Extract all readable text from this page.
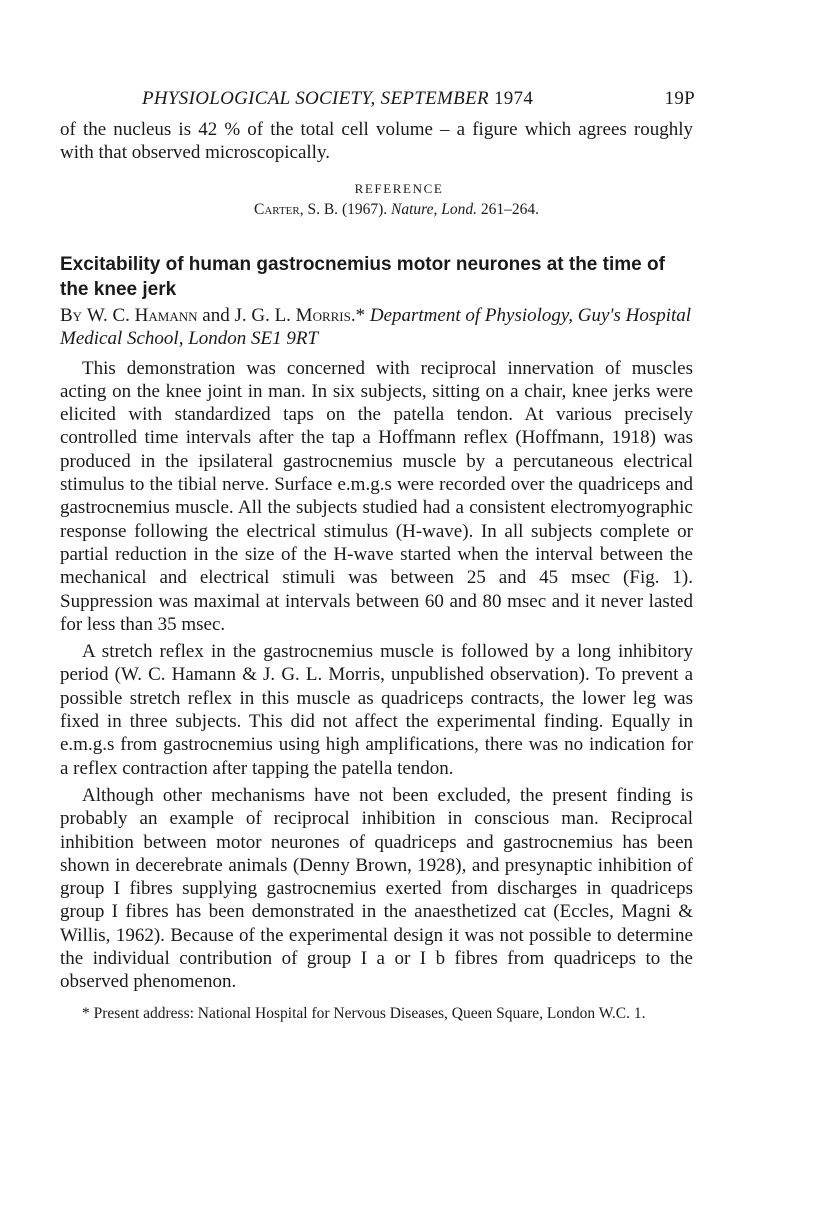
PHYSIOLOGICAL SOCIETY, SEPTEMBER 1974	19P

of the nucleus is 42 % of the total cell volume – a figure which agrees roughly with that observed microscopically.

REFERENCE
Carter, S. B. (1967). Nature, Lond. 261–264.
Excitability of human gastrocnemius motor neurones at the time of the knee jerk
By W. C. Hamann and J. G. L. Morris.* Department of Physiology, Guy's Hospital Medical School, London SE1 9RT

This demonstration was concerned with reciprocal innervation of muscles acting on the knee joint in man. In six subjects, sitting on a chair, knee jerks were elicited with standardized taps on the patella tendon. At various precisely controlled time intervals after the tap a Hoffmann reflex (Hoffmann, 1918) was produced in the ipsilateral gastrocnemius muscle by a percutaneous electrical stimulus to the tibial nerve. Surface e.m.g.s were recorded over the quadriceps and gastrocnemius muscle. All the subjects studied had a consistent electromyographic response following the electrical stimulus (H-wave). In all subjects complete or partial reduction in the size of the H-wave started when the interval between the mechanical and electrical stimuli was between 25 and 45 msec (Fig. 1). Suppression was maximal at intervals between 60 and 80 msec and it never lasted for less than 35 msec.

A stretch reflex in the gastrocnemius muscle is followed by a long inhibitory period (W. C. Hamann & J. G. L. Morris, unpublished observation). To prevent a possible stretch reflex in this muscle as quadriceps contracts, the lower leg was fixed in three subjects. This did not affect the experimental finding. Equally in e.m.g.s from gastrocnemius using high amplifications, there was no indication for a reflex contraction after tapping the patella tendon.

Although other mechanisms have not been excluded, the present finding is probably an example of reciprocal inhibition in conscious man. Reciprocal inhibition between motor neurones of quadriceps and gastrocnemius has been shown in decerebrate animals (Denny Brown, 1928), and presynaptic inhibition of group I fibres supplying gastrocnemius exerted from discharges in quadriceps group I fibres has been demonstrated in the anaesthetized cat (Eccles, Magni & Willis, 1962). Because of the experimental design it was not possible to determine the individual contribution of group I a or I b fibres from quadriceps to the observed phenomenon.

* Present address: National Hospital for Nervous Diseases, Queen Square, London W.C. 1.
